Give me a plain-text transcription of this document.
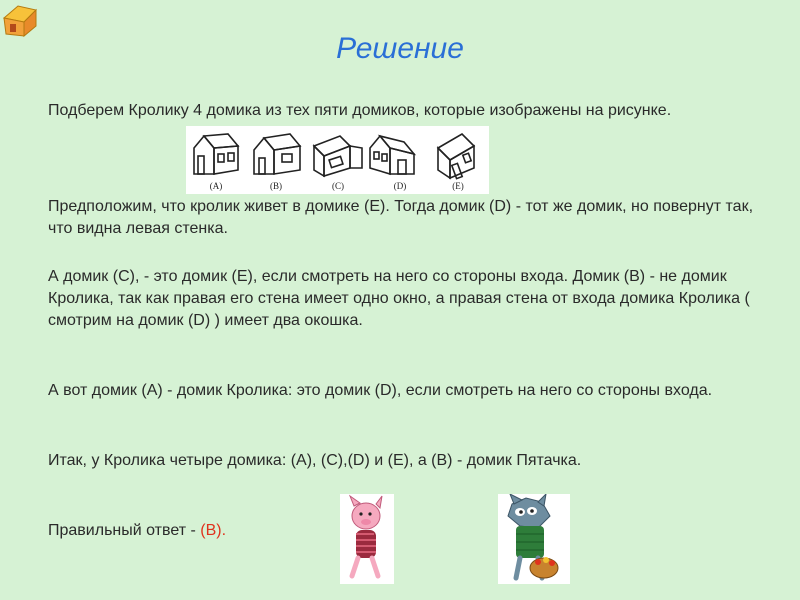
Решение
Подберем Кролику 4 домика из тех пяти домиков, которые изображены на рисунке.
(A)	(B)	(C)	(D)	(E)
Предположим, что кролик живет в домике (E). Тогда домик (D) - тот же домик, но повернут так, что видна левая стенка.
А домик (C), - это домик (E), если смотреть на него со стороны входа. Домик (B) - не домик Кролика, так как правая его стена имеет одно окно, а правая стена от входа домика Кролика ( смотрим на домик (D) ) имеет два окошка.
А вот домик (A) - домик Кролика: это домик (D), если смотреть на него со стороны входа.
Итак, у Кролика четыре домика: (A), (C),(D) и (E), а (B) - домик Пятачка.
Правильный ответ - (B).
